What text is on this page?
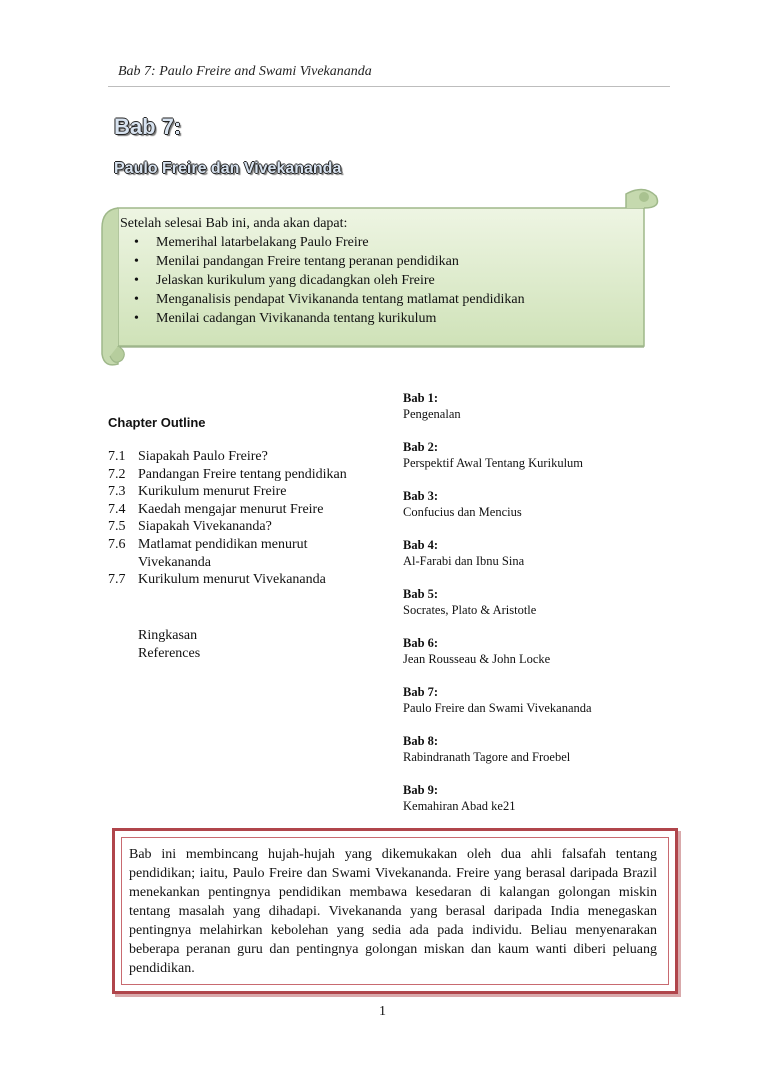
Bab 7: Paulo Freire and Swami Vivekananda
Bab 7:
Paulo Freire dan Vivekananda
Setelah selesai Bab ini, anda akan dapat:
• Memerihal latarbelakang Paulo Freire
• Menilai pandangan Freire tentang peranan pendidikan
• Jelaskan kurikulum yang dicadangkan oleh Freire
• Menganalisis pendapat Vivikananda tentang matlamat pendidikan
• Menilai cadangan Vivikananda tentang kurikulum
Chapter Outline
7.1 Siapakah Paulo Freire?
7.2 Pandangan Freire tentang pendidikan
7.3 Kurikulum menurut Freire
7.4 Kaedah mengajar menurut Freire
7.5 Siapakah Vivekananda?
7.6 Matlamat pendidikan menurut Vivekananda
7.7 Kurikulum menurut Vivekananda
Ringkasan
References
Bab 1:
Pengenalan
Bab 2:
Perspektif Awal Tentang Kurikulum
Bab 3:
Confucius dan Mencius
Bab 4:
Al-Farabi dan Ibnu Sina
Bab 5:
Socrates, Plato & Aristotle
Bab 6:
Jean Rousseau & John Locke
Bab 7:
Paulo Freire dan Swami Vivekananda
Bab 8:
Rabindranath Tagore and Froebel
Bab 9:
Kemahiran Abad ke21
Bab ini membincang hujah-hujah yang dikemukakan oleh dua ahli falsafah tentang pendidikan; iaitu, Paulo Freire dan Swami Vivekananda. Freire yang berasal daripada Brazil menekankan pentingnya pendidikan membawa kesedaran di kalangan golongan miskin tentang masalah yang dihadapi. Vivekananda yang berasal daripada India menegaskan pentingnya melahirkan kebolehan yang sedia ada pada individu. Beliau menyenarakan beberapa peranan guru dan pentingnya golongan miskan dan kaum wanti diberi peluang pendidikan.
1
